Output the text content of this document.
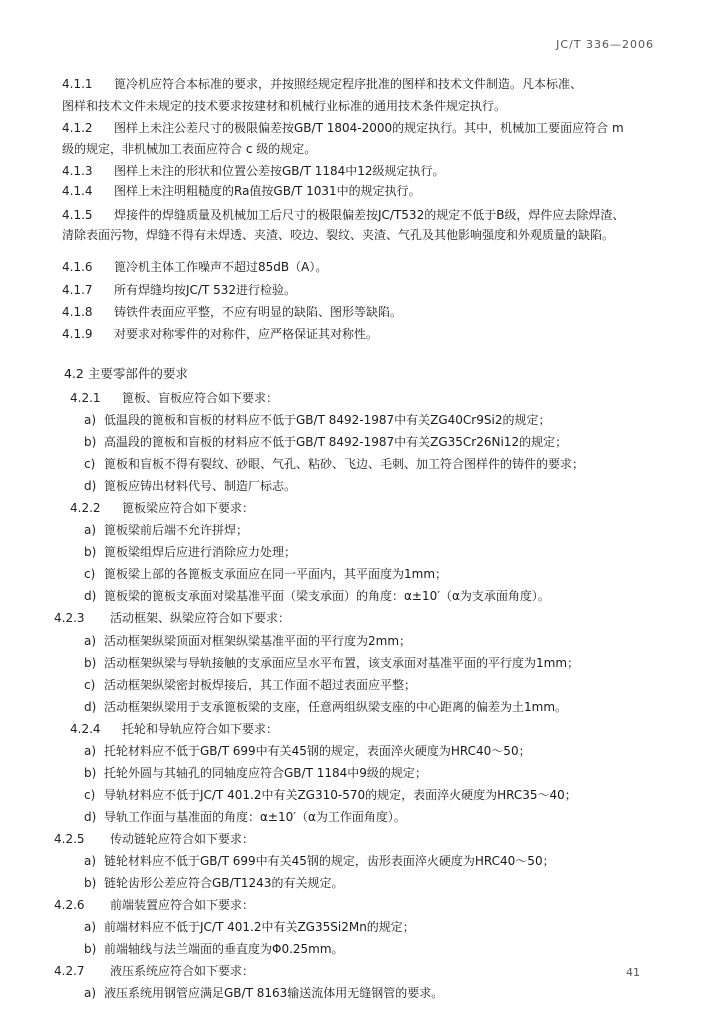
JC/T 336—2006
4.1.1 篦冷机应符合本标准的要求，并按照经规定程序批准的图样和技术文件制造。凡本标准、
图样和技术文件未规定的技术要求按建材和机械行业标准的通用技术条件规定执行。
4.1.2 图样上未注公差尺寸的极限偏差按GB/T 1804-2000的规定执行。其中，机械加工要面应符合 m
级的规定，非机械加工表面应符合 c 级的规定。
4.1.3 图样上未注的形状和位置公差按GB/T 1184中12级规定执行。
4.1.4 图样上未注明粗糙度的Ra值按GB/T 1031中的规定执行。
4.1.5 焊接件的焊缝质量及机械加工后尺寸的极限偏差按JC/T532的规定不低于B级，焊件应去除焊渣、
清除表面污物，焊缝不得有未焊透、夹渣、咬边、裂纹、夹渣、气孔及其他影响强度和外观质量的缺陷。
4.1.6 篦冷机主体工作噪声不超过85dB（A）。
4.1.7 所有焊缝均按JC/T 532进行检验。
4.1.8 铸铁件表面应平整，不应有明显的缺陷、图形等缺陷。
4.1.9 对要求对称零件的对称件，应严格保证其对称性。
4.2 主要零部件的要求
4.2.1 篦板、盲板应符合如下要求：
a) 低温段的篦板和盲板的材料应不低于GB/T 8492-1987中有关ZG40Cr9Si2的规定；
b) 高温段的篦板和盲板的材料应不低于GB/T 8492-1987中有关ZG35Cr26Ni12的规定；
c) 篦板和盲板不得有裂纹、砂眼、气孔、粘砂、飞边、毛刺、加工符合图样件的铸件的要求；
d) 篦板应铸出材料代号、制造厂标志。
4.2.2 篦板梁应符合如下要求：
a) 篦板梁前后端不允许拼焊；
b) 篦板梁组焊后应进行消除应力处理；
c) 篦板梁上部的各篦板支承面应在同一平面内，其平面度为1mm；
d) 篦板梁的篦板支承面对梁基准平面（梁支承面）的角度：α±10′（α为支承面角度）。
4.2.3 活动框架、纵梁应符合如下要求：
a) 活动框架纵梁顶面对框架纵梁基准平面的平行度为2mm；
b) 活动框架纵梁与导轨接触的支承面应呈水平布置，该支承面对基准平面的平行度为1mm；
c) 活动框架纵梁密封板焊接后，其工作面不超过表面应平整；
d) 活动框架纵梁用于支承篦板梁的支座，任意两组纵梁支座的中心距离的偏差为土1mm。
4.2.4 托轮和导轨应符合如下要求：
a) 托轮材料应不低于GB/T 699中有关45钢的规定，表面淬火硬度为HRC40～50；
b) 托轮外圆与其轴孔的同轴度应符合GB/T 1184中9级的规定；
c) 导轨材料应不低于JC/T 401.2中有关ZG310-570的规定，表面淬火硬度为HRC35～40；
d) 导轨工作面与基准面的角度：α±10′（α为工作面角度）。
4.2.5 传动链轮应符合如下要求：
a) 链轮材料应不低于GB/T 699中有关45钢的规定，齿形表面淬火硬度为HRC40～50；
b) 链轮齿形公差应符合GB/T1243的有关规定。
4.2.6 前端装置应符合如下要求：
a) 前端材料应不低于JC/T 401.2中有关ZG35Si2Mn的规定；
b) 前端轴线与法兰端面的垂直度为Φ0.25mm。
4.2.7 液压系统应符合如下要求：
a) 液压系统用钢管应满足GB/T 8163输送流体用无缝钢管的要求。
41
